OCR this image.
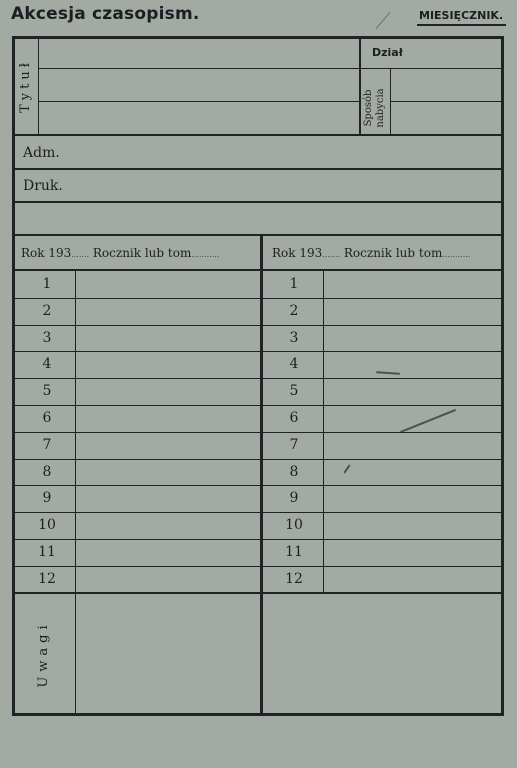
Akcesja czasopism.	MIESIĘCZNIK.
Tytuł
Dział
Sposób nabycia
Adm.
Druk.
Rok 193....... Rocznik lub tom...........	Rok 193....... Rocznik lub tom...........
1	1
2	2
3	3
4	4
5	5
6	6
7	7
8	8
9	9
10	10
11	11
12	12
Uwagi
